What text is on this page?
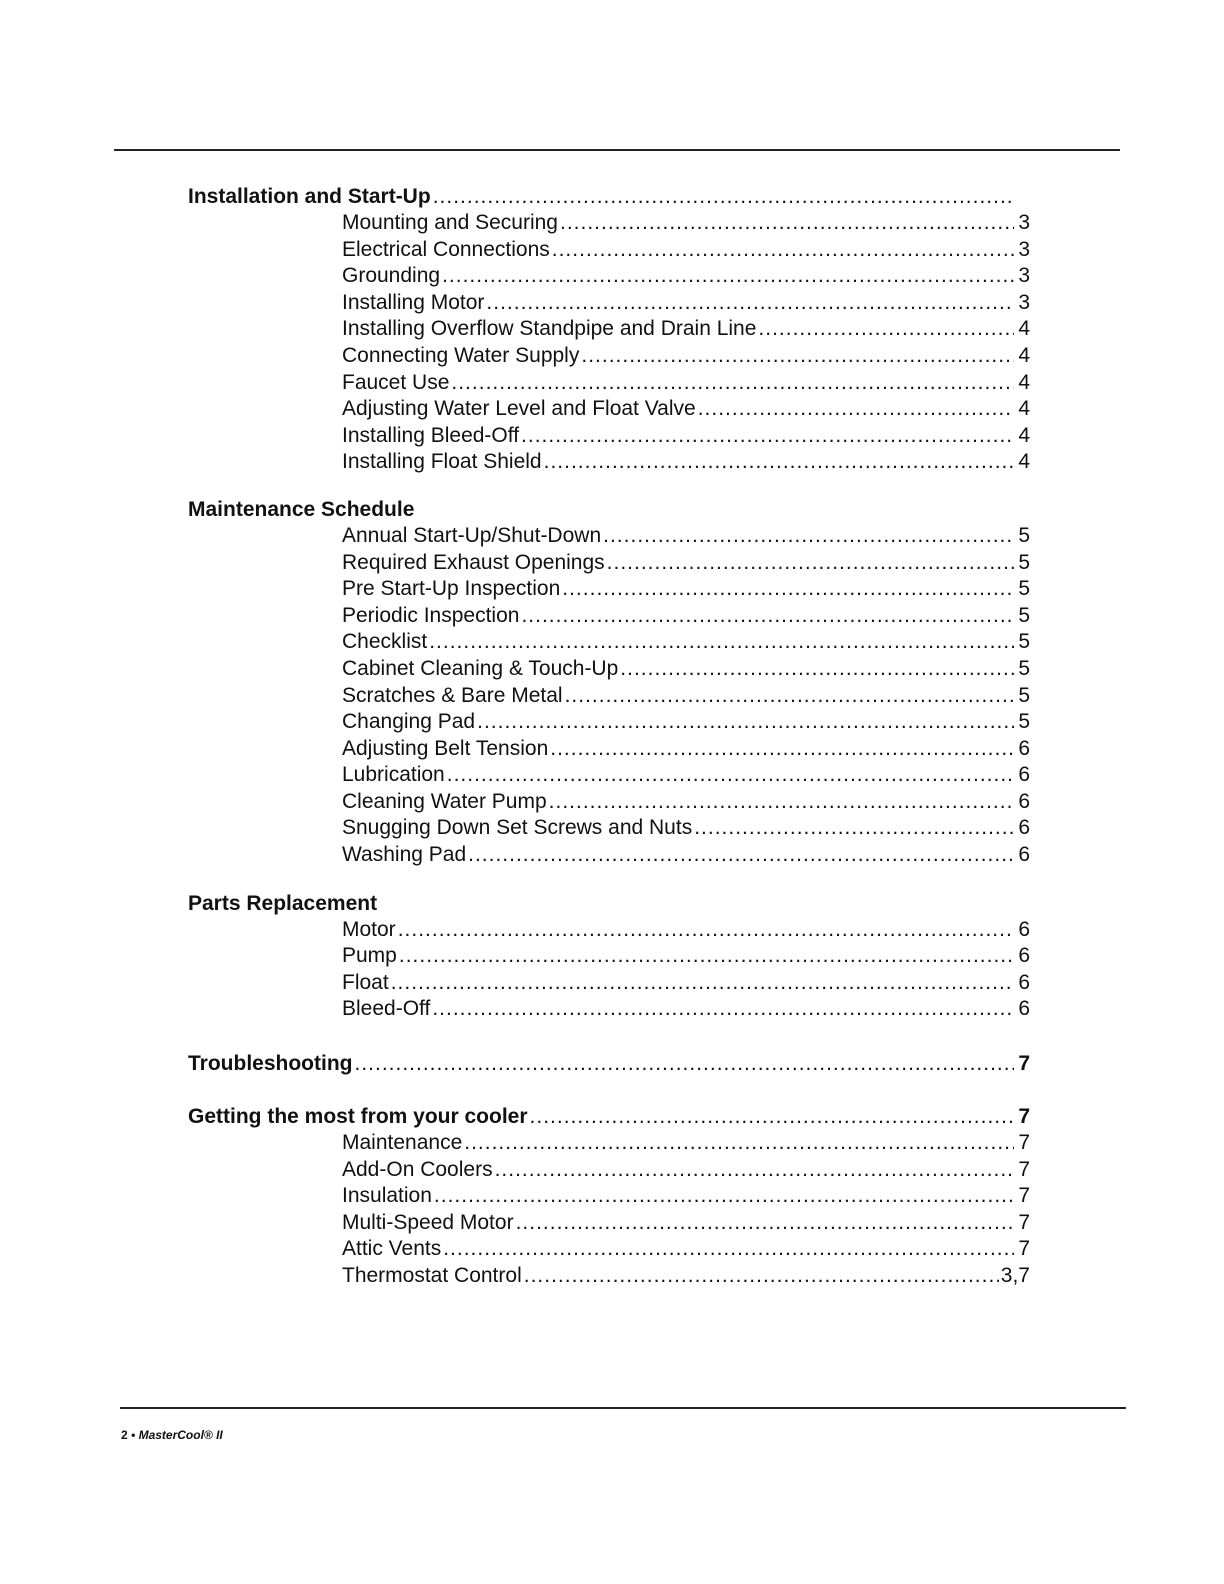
Installation and Start-Up
.....
Mounting and Securing .....	3
Electrical Connections .....	3
Grounding .....	3
Installing Motor .....	3
Installing Overflow Standpipe and Drain Line .....	4
Connecting Water Supply .....	4
Faucet Use .....	4
Adjusting Water Level and Float Valve .....	4
Installing Bleed-Off .....	4
Installing Float Shield .....	4
Maintenance Schedule
Annual Start-Up/Shut-Down .....	5
Required Exhaust Openings .....	5
Pre Start-Up Inspection .....	5
Periodic Inspection .....	5
Checklist .....	5
Cabinet Cleaning & Touch-Up .....	5
Scratches & Bare Metal .....	5
Changing Pad .....	5
Adjusting Belt Tension .....	6
Lubrication .....	6
Cleaning Water Pump .....	6
Snugging Down Set Screws and Nuts .....	6
Washing Pad .....	6
Parts Replacement
Motor .....	6
Pump .....	6
Float .....	6
Bleed-Off .....	6
Troubleshooting .....	7
Getting the most from your cooler .....	7
Maintenance .....	7
Add-On Coolers .....	7
Insulation .....	7
Multi-Speed Motor .....	7
Attic Vents .....	7
Thermostat Control .....	3,7
2 • MasterCool® II
